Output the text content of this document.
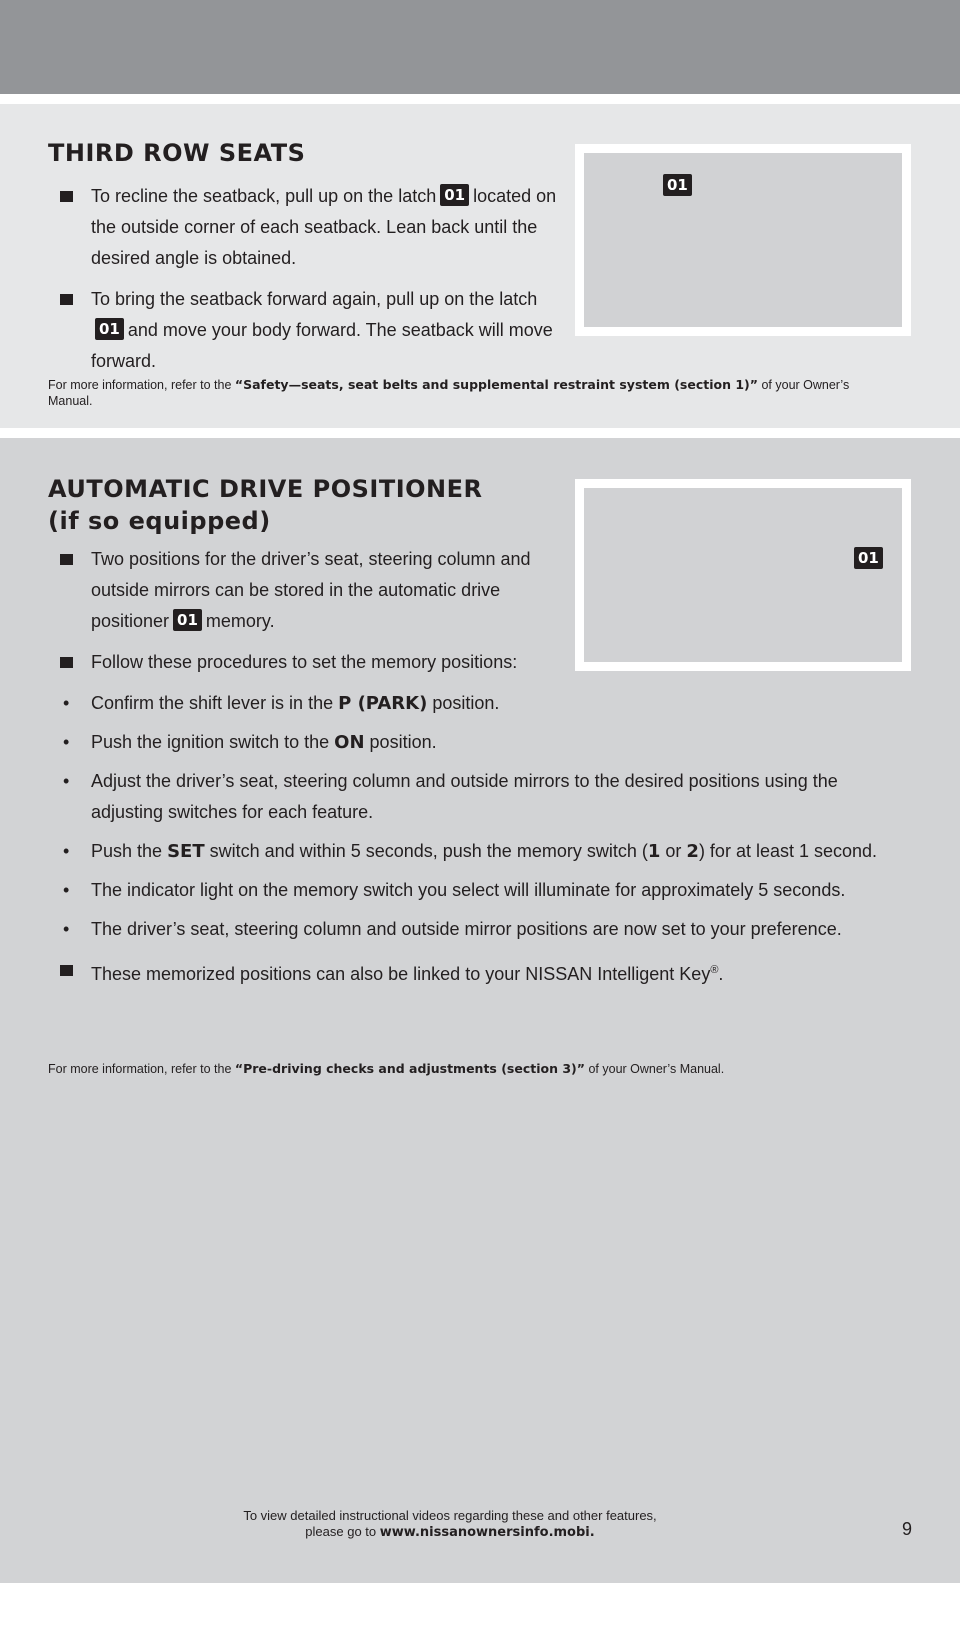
THIRD ROW SEATS
To recline the seatback, pull up on the latch 01 located on the outside corner of each seatback. Lean back until the desired angle is obtained.
To bring the seatback forward again, pull up on the latch01 and move your body forward. The seatback will move forward.
For more information, refer to the “Safety—seats, seat belts and supplemental restraint system (section 1)” of your Owner’s Manual.
01
AUTOMATIC DRIVE POSITIONER
(if so equipped)
01
Two positions for the driver’s seat, steering column and outside mirrors can be stored in the automatic drive positioner 01 memory.
Follow these procedures to set the memory positions:
• Confirm the shift lever is in the P (PARK) position.
• Push the ignition switch to the ON position.
• Adjust the driver’s seat, steering column and outside mirrors to the desired positions using the adjusting switches for each feature.
• Push the SET switch and within 5 seconds, push the memory switch (1 or 2) for at least 1 second.
• The indicator light on the memory switch you select will illuminate for approximately 5 seconds.
• The driver’s seat, steering column and outside mirror positions are now set to your preference.
These memorized positions can also be linked to your NISSAN Intelligent Key®.
For more information, refer to the “Pre-driving checks and adjustments (section 3)” of your Owner’s Manual.
To view detailed instructional videos regarding these and other features,
please go to www.nissanownersinfo.mobi.	9
